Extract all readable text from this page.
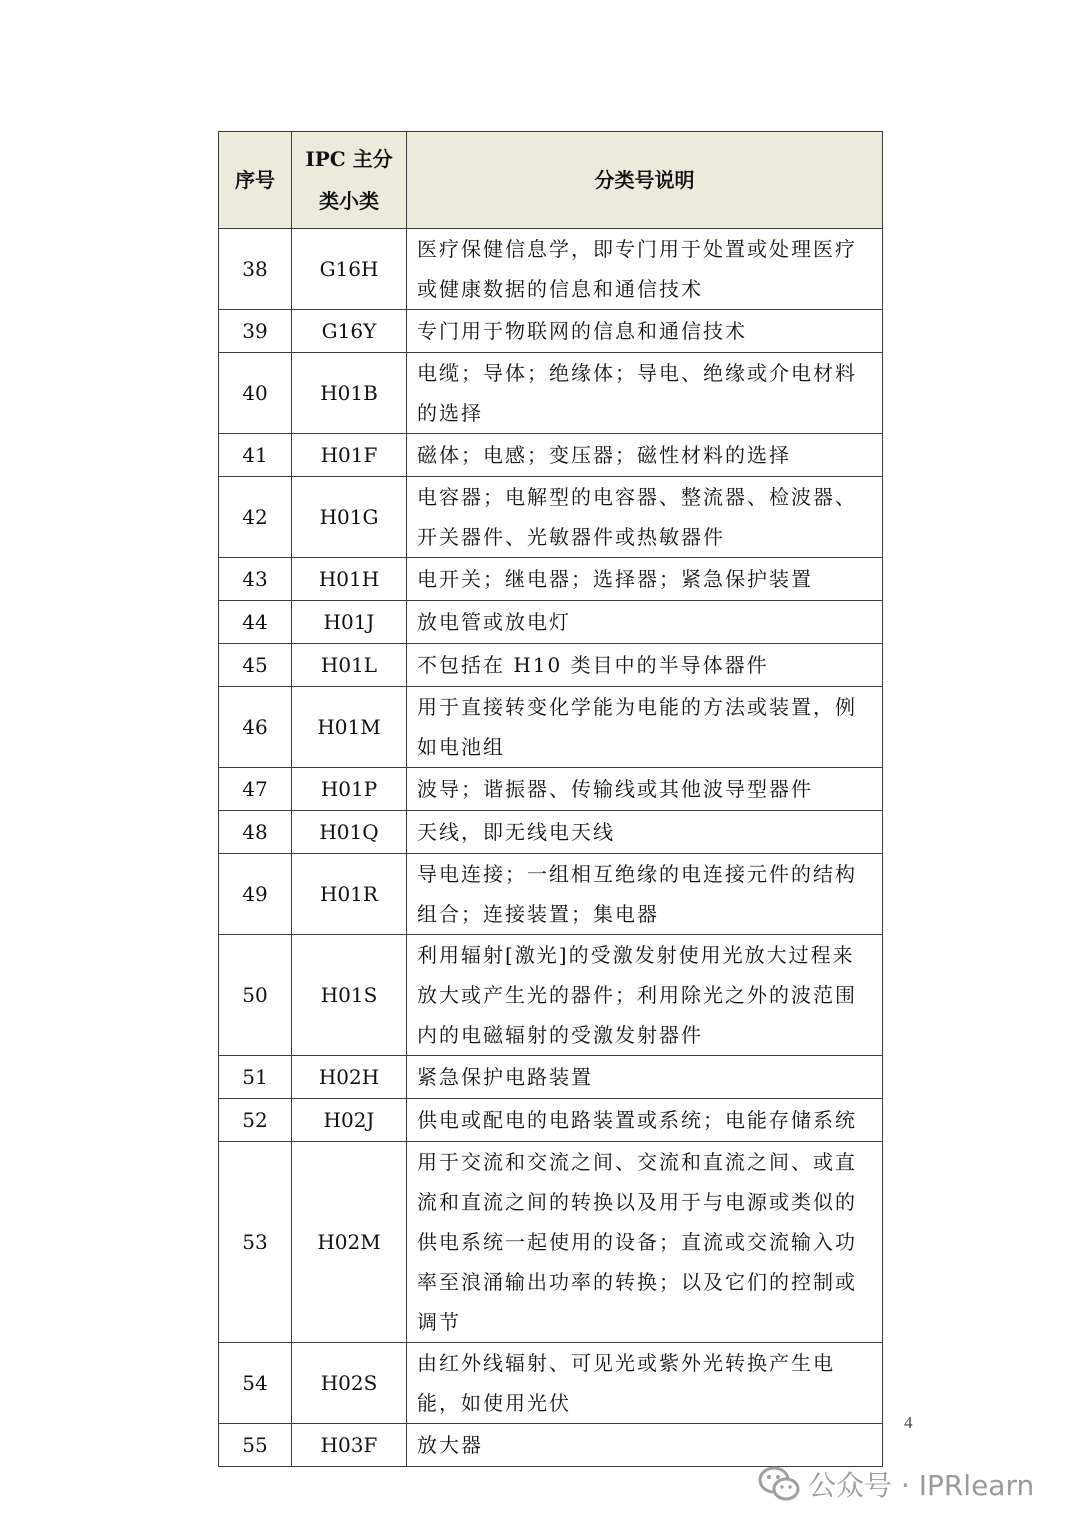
序号	IPC 主分类小类	分类号说明
38	G16H	医疗保健信息学，即专门用于处置或处理医疗或健康数据的信息和通信技术
39	G16Y	专门用于物联网的信息和通信技术
40	H01B	电缆；导体；绝缘体；导电、绝缘或介电材料的选择
41	H01F	磁体；电感；变压器；磁性材料的选择
42	H01G	电容器；电解型的电容器、整流器、检波器、开关器件、光敏器件或热敏器件
43	H01H	电开关；继电器；选择器；紧急保护装置
44	H01J	放电管或放电灯
45	H01L	不包括在 H10 类目中的半导体器件
46	H01M	用于直接转变化学能为电能的方法或装置，例如电池组
47	H01P	波导；谐振器、传输线或其他波导型器件
48	H01Q	天线，即无线电天线
49	H01R	导电连接；一组相互绝缘的电连接元件的结构组合；连接装置；集电器
50	H01S	利用辐射[激光]的受激发射使用光放大过程来放大或产生光的器件；利用除光之外的波范围内的电磁辐射的受激发射器件
51	H02H	紧急保护电路装置
52	H02J	供电或配电的电路装置或系统；电能存储系统
53	H02M	用于交流和交流之间、交流和直流之间、或直流和直流之间的转换以及用于与电源或类似的供电系统一起使用的设备；直流或交流输入功率至浪涌输出功率的转换；以及它们的控制或调节
54	H02S	由红外线辐射、可见光或紫外光转换产生电能，如使用光伏
55	H03F	放大器
4
公众号 · IPRlearn
